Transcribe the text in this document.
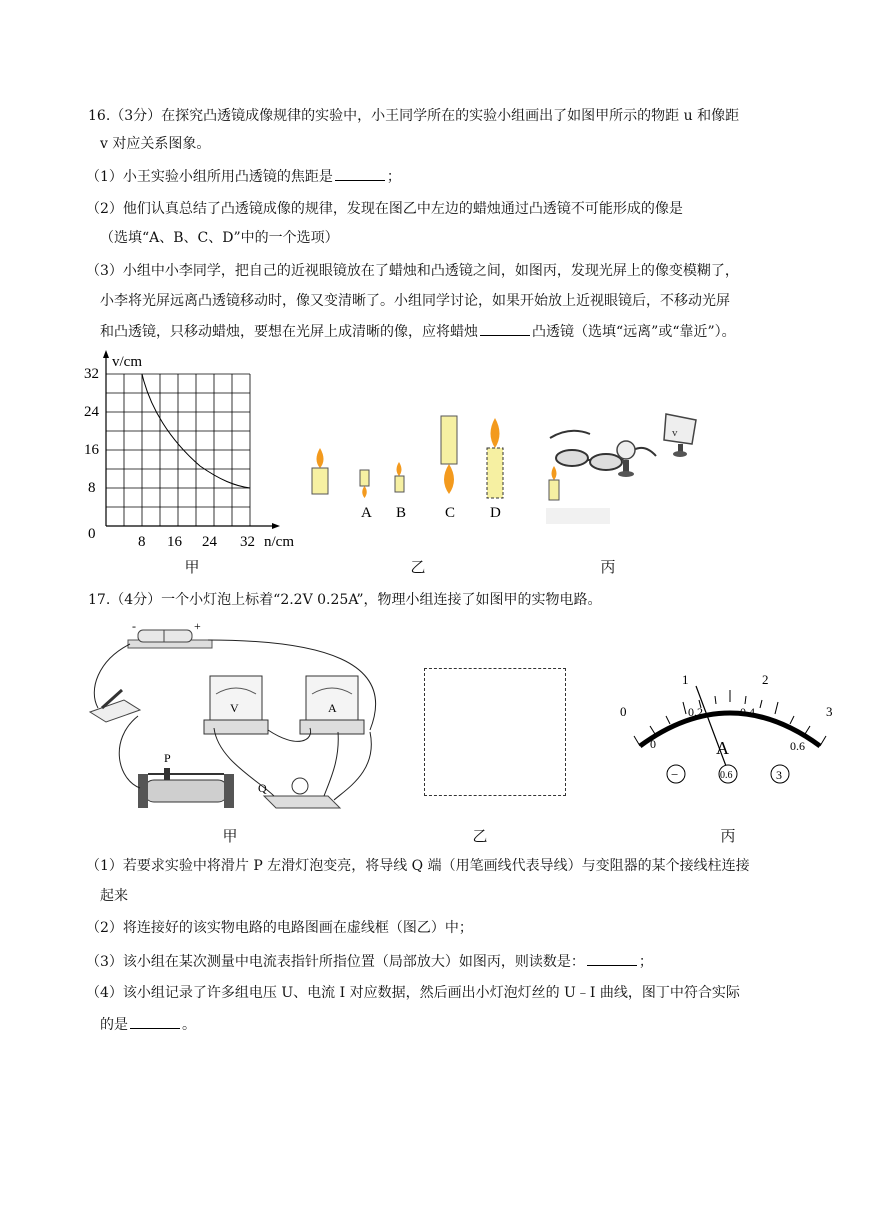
16.（3分）在探究凸透镜成像规律的实验中，小王同学所在的实验小组画出了如图甲所示的物距 u 和像距
v 对应关系图象。
（1）小王实验小组所用凸透镜的焦距是	；
（2）他们认真总结了凸透镜成像的规律，发现在图乙中左边的蜡烛通过凸透镜不可能形成的像是
（选填“A、B、C、D”中的一个选项）
（3）小组中小李同学，把自己的近视眼镜放在了蜡烛和凸透镜之间，如图丙，发现光屏上的像变模糊了，
小李将光屏远离凸透镜移动时，像又变清晰了。小组同学讨论，如果开始放上近视眼镜后，不移动光屏
和凸透镜，只移动蜡烛，要想在光屏上成清晰的像，应将蜡烛	凸透镜（选填“远离”或“靠近”）。
v/cm
n/cm
32
24
16
8
0	8 16 24 32
甲
A B	C D
乙
v
丙
17.（4分）一个小灯泡上标着“2.2V 0.25A”，物理小组连接了如图甲的实物电路。
-	+
V	A
P
Q
甲	乙
0
1	2
3
0
0.2	0.4
0.6
A
−	0.6	3
丙
（1）若要求实验中将滑片 P 左滑灯泡变亮，将导线 Q 端（用笔画线代表导线）与变阻器的某个接线柱连接
起来
（2）将连接好的该实物电路的电路图画在虚线框（图乙）中；
（3）该小组在某次测量中电流表指针所指位置（局部放大）如图丙，则读数是：	；
（4）该小组记录了许多组电压 U、电流 I 对应数据，然后画出小灯泡灯丝的 U﹣I 曲线，图丁中符合实际
的是	。
